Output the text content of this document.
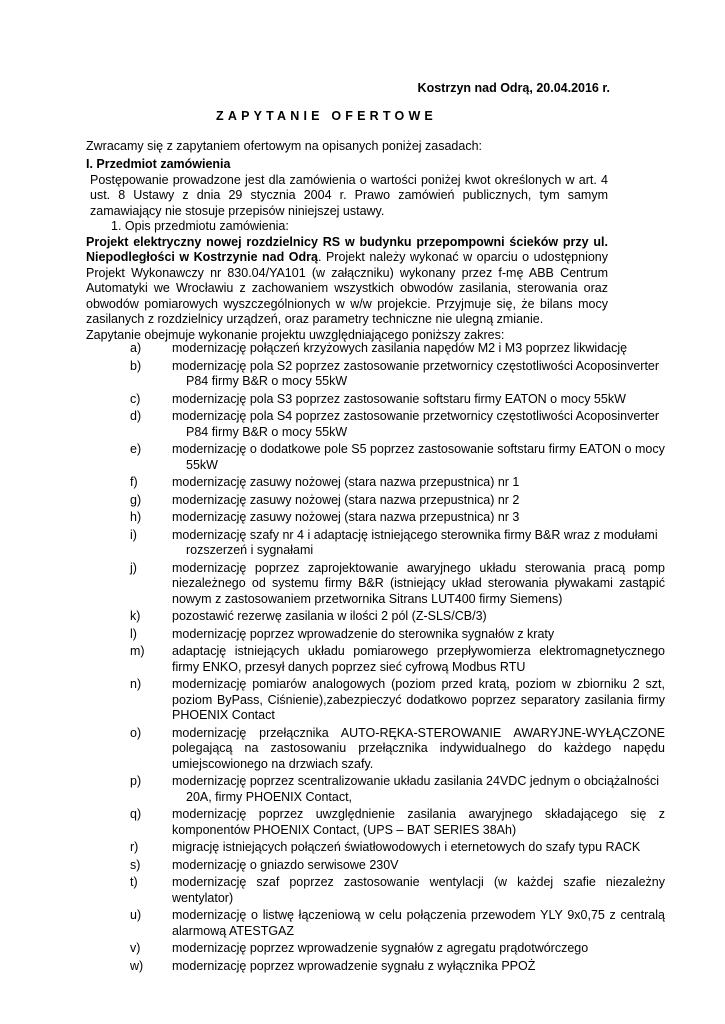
Kostrzyn nad Odrą, 20.04.2016 r.
ZAPYTANIE OFERTOWE
Zwracamy się z zapytaniem ofertowym na opisanych poniżej zasadach:
I. Przedmiot zamówienia
Postępowanie prowadzone jest dla zamówienia o wartości poniżej kwot określonych w art. 4 ust. 8 Ustawy z dnia 29 stycznia 2004 r. Prawo zamówień publicznych, tym samym zamawiający nie stosuje przepisów niniejszej ustawy.
1. Opis przedmiotu zamówienia:
Projekt elektryczny nowej rozdzielnicy RS w budynku przepompowni ścieków przy ul. Niepodległości w Kostrzynie nad Odrą. Projekt należy wykonać w oparciu o udostępniony Projekt Wykonawczy nr 830.04/YA101 (w załączniku) wykonany przez f-mę ABB Centrum Automatyki we Wrocławiu z zachowaniem wszystkich obwodów zasilania, sterowania oraz obwodów pomiarowych wyszczególnionych w w/w projekcie. Przyjmuje się, że bilans mocy zasilanych z rozdzielnicy urządzeń, oraz parametry techniczne nie ulegną zmianie.
Zapytanie obejmuje wykonanie projektu uwzględniającego poniższy zakres:
a)	modernizację połączeń krzyżowych zasilania napędów M2 i M3 poprzez likwidację
b)	modernizację pola S2 poprzez zastosowanie przetwornicy częstotliwości Acoposinverter
P84 firmy B&R o mocy 55kW
c)	modernizację pola S3 poprzez zastosowanie softstaru firmy EATON o mocy 55kW
d)	modernizację pola S4 poprzez zastosowanie przetwornicy częstotliwości Acoposinverter
P84 firmy B&R o mocy 55kW
e)	modernizację o dodatkowe pole S5 poprzez zastosowanie softstaru firmy EATON o mocy
55kW
f)	modernizację zasuwy nożowej (stara nazwa przepustnica) nr 1
g)	modernizację zasuwy nożowej (stara nazwa przepustnica) nr 2
h)	modernizację zasuwy nożowej (stara nazwa przepustnica) nr 3
i)	modernizację szafy nr 4 i adaptację istniejącego sterownika firmy B&R wraz z modułami
rozszerzeń i sygnałami
j)	modernizację poprzez zaprojektowanie awaryjnego układu sterowania pracą pomp niezależnego od systemu firmy B&R (istniejący układ sterowania pływakami zastąpić nowym z zastosowaniem przetwornika Sitrans LUT400 firmy Siemens)
k)	pozostawić rezerwę zasilania w ilości 2 pól (Z-SLS/CB/3)
l)	modernizację poprzez wprowadzenie do sterownika sygnałów z kraty
m)	adaptację istniejących układu pomiarowego przepływomierza elektromagnetycznego firmy ENKO, przesył danych poprzez sieć cyfrową Modbus RTU
n)	modernizację pomiarów analogowych (poziom przed kratą, poziom w zbiorniku 2 szt, poziom ByPass, Ciśnienie),zabezpieczyć dodatkowo poprzez separatory zasilania firmy PHOENIX Contact
o)	modernizację przełącznika AUTO-RĘKA-STEROWANIE AWARYJNE-WYŁĄCZONE polegającą na zastosowaniu przełącznika indywidualnego do każdego napędu umiejscowionego na drzwiach szafy.
p)	modernizację poprzez scentralizowanie układu zasilania 24VDC jednym o obciążalności
20A, firmy PHOENIX Contact,
q)	modernizację poprzez uwzględnienie zasilania awaryjnego składającego się z komponentów PHOENIX Contact, (UPS – BAT SERIES 38Ah)
r)	migrację istniejących połączeń światłowodowych i eternetowych do szafy typu RACK
s)	modernizację o gniazdo serwisowe 230V
t)	modernizację szaf poprzez zastosowanie wentylacji (w każdej szafie niezależny wentylator)
u)	modernizację o listwę łączeniową w celu połączenia przewodem YLY 9x0,75 z centralą alarmową ATESTGAZ
v)	modernizację poprzez wprowadzenie sygnałów z agregatu prądotwórczego
w)	modernizację poprzez wprowadzenie sygnału z wyłącznika PPOŻ
